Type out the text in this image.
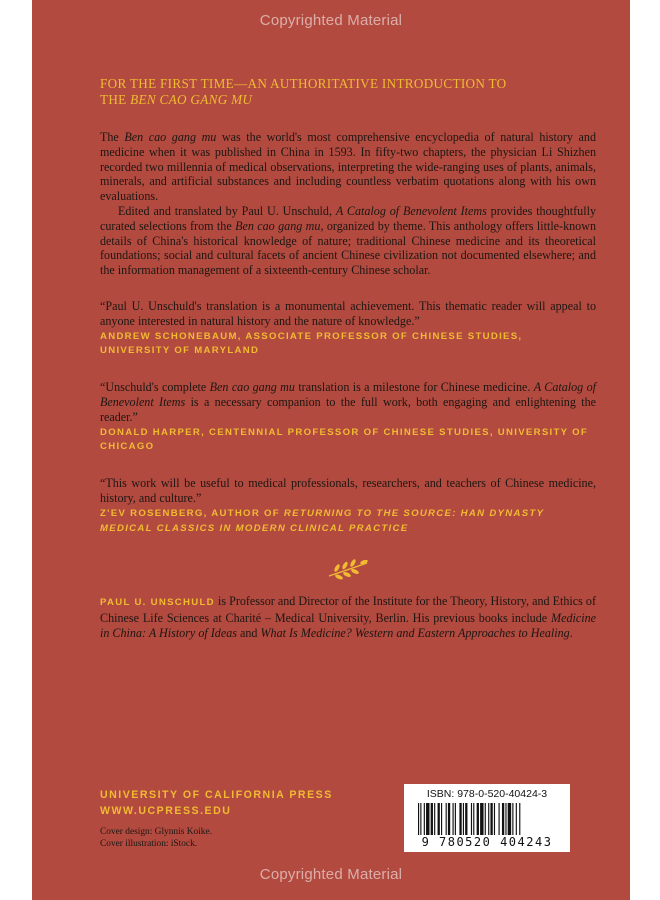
Copyrighted Material
FOR THE FIRST TIME—AN AUTHORITATIVE INTRODUCTION TO
THE BEN CAO GANG MU

The Ben cao gang mu was the world's most comprehensive encyclopedia of natural history and medicine when it was published in China in 1593. In fifty-two chapters, the physician Li Shizhen recorded two millennia of medical observations, interpreting the wide-ranging uses of plants, animals, minerals, and artificial substances and including countless verbatim quotations along with his own evaluations.

Edited and translated by Paul U. Unschuld, A Catalog of Benevolent Items provides thoughtfully curated selections from the Ben cao gang mu, organized by theme. This anthology offers little-known details of China's historical knowledge of nature; traditional Chinese medicine and its theoretical foundations; social and cultural facets of ancient Chinese civilization not documented elsewhere; and the information management of a sixteenth-century Chinese scholar.

“Paul U. Unschuld's translation is a monumental achievement. This thematic reader will appeal to anyone interested in natural history and the nature of knowledge.”

ANDREW SCHONEBAUM, ASSOCIATE PROFESSOR OF CHINESE STUDIES, UNIVERSITY OF MARYLAND

“Unschuld's complete Ben cao gang mu translation is a milestone for Chinese medicine. A Catalog of Benevolent Items is a necessary companion to the full work, both engaging and enlightening the reader.”

DONALD HARPER, CENTENNIAL PROFESSOR OF CHINESE STUDIES, UNIVERSITY OF CHICAGO

“This work will be useful to medical professionals, researchers, and teachers of Chinese medicine, history, and culture.”

Z'EV ROSENBERG, AUTHOR OF RETURNING TO THE SOURCE: HAN DYNASTY MEDICAL CLASSICS IN MODERN CLINICAL PRACTICE

PAUL U. UNSCHULD is Professor and Director of the Institute for the Theory, History, and Ethics of Chinese Life Sciences at Charité – Medical University, Berlin. His previous books include Medicine in China: A History of Ideas and What Is Medicine? Western and Eastern Approaches to Healing.

UNIVERSITY OF CALIFORNIA PRESS
WWW.UCPRESS.EDU
Cover design: Glynnis Koike.
Cover illustration: iStock.
ISBN: 978-0-520-40424-3
9 780520 404243
Copyrighted Material
